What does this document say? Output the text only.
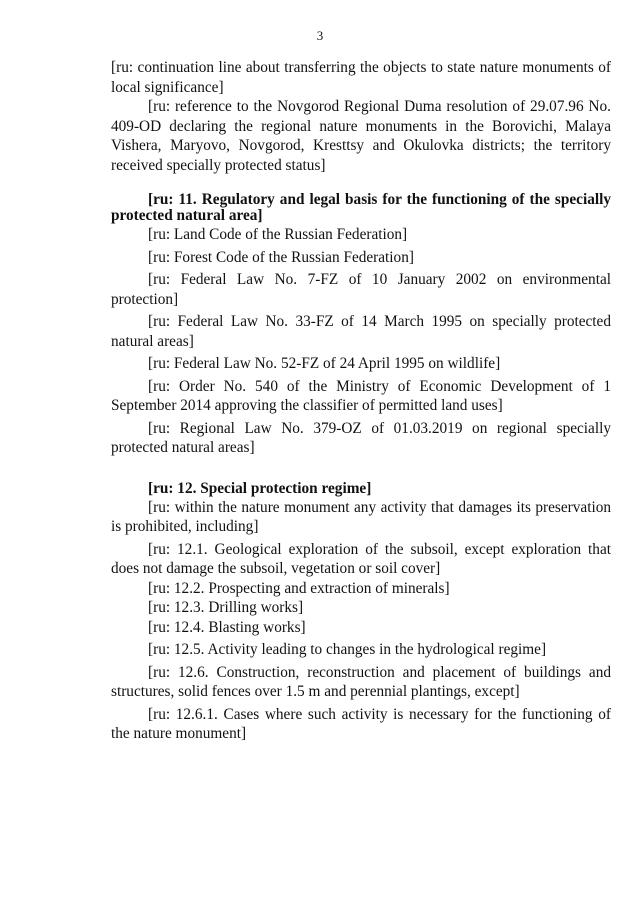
3

[ru: continuation line about transferring the objects to state nature monuments of local significance]

[ru: reference to the Novgorod Regional Duma resolution of 29.07.96 No. 409-OD declaring the regional nature monuments in the Borovichi, Malaya Vishera, Maryovo, Novgorod, Kresttsy and Okulovka districts; the territory received specially protected status]

[ru: 11. Regulatory and legal basis for the functioning of the specially protected natural area]

[ru: Land Code of the Russian Federation]

[ru: Forest Code of the Russian Federation]

[ru: Federal Law No. 7-FZ of 10 January 2002 on environmental protection]

[ru: Federal Law No. 33-FZ of 14 March 1995 on specially protected natural areas]

[ru: Federal Law No. 52-FZ of 24 April 1995 on wildlife]

[ru: Order No. 540 of the Ministry of Economic Development of 1 September 2014 approving the classifier of permitted land uses]

[ru: Regional Law No. 379-OZ of 01.03.2019 on regional specially protected natural areas]

[ru: 12. Special protection regime]

[ru: within the nature monument any activity that damages its preservation is prohibited, including]

[ru: 12.1. Geological exploration of the subsoil, except exploration that does not damage the subsoil, vegetation or soil cover]

[ru: 12.2. Prospecting and extraction of minerals]

[ru: 12.3. Drilling works]

[ru: 12.4. Blasting works]

[ru: 12.5. Activity leading to changes in the hydrological regime]

[ru: 12.6. Construction, reconstruction and placement of buildings and structures, solid fences over 1.5 m and perennial plantings, except]

[ru: 12.6.1. Cases where such activity is necessary for the functioning of the nature monument]
